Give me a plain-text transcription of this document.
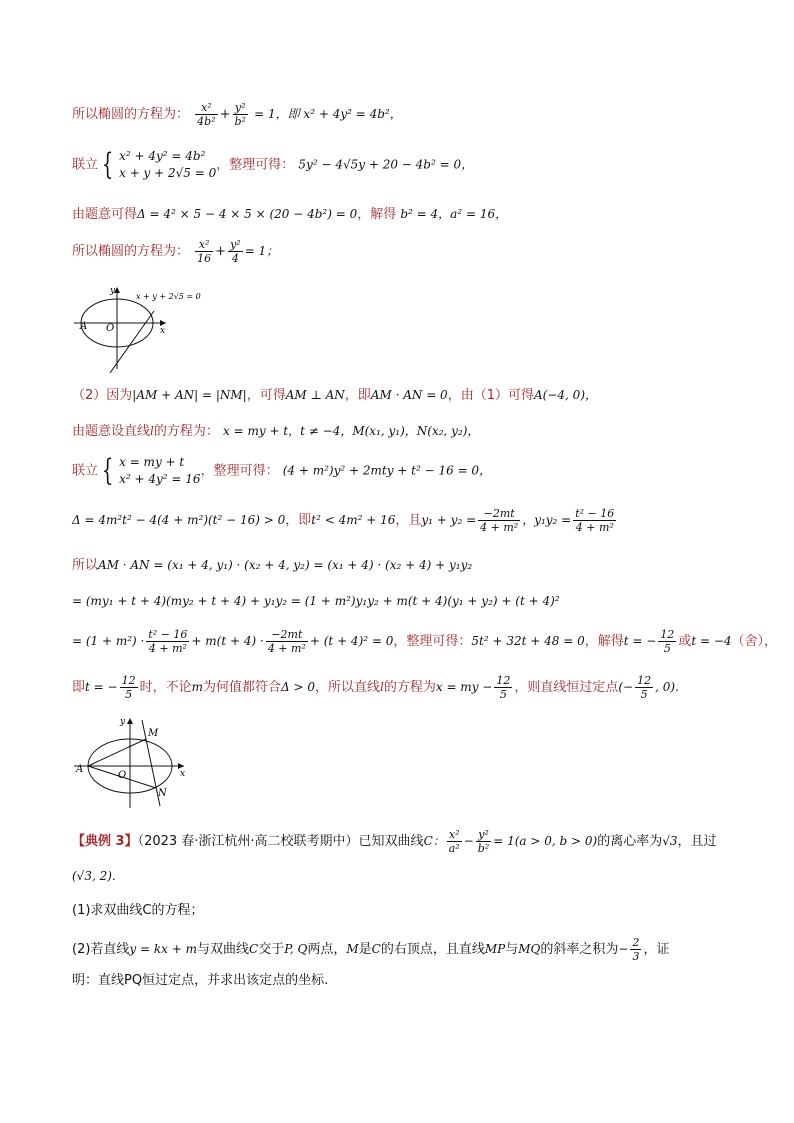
所以椭圆的方程为： $\frac{\text{x²}}{\text{4b²}} + \frac{\text{y²}}{\text{b²}} = 1$，即 x² + 4y² = 4b²，
联立 { x² + 4y² = 4b²
x + y + 2√5 = 0
，整理可得： 5y² − 4√5y + 20 − 4b² = 0，
由题意可得Δ = 4² × 5 − 4 × 5 × (20 − 4b²) = 0，解得 b² = 4，a² = 16，
所以椭圆的方程为： $\frac{\text{x²}}{16} + \frac{\text{y²}}{4} = 1$；
A O
y
x
x + y + 2√5 = 0
（2）因为|AM + AN| = |NM|，可得AM ⊥ AN，即AM · AN = 0，由（1）可得A(−4, 0)，
由题意设直线l的方程为： x = my + t，t ≠ −4，M(x₁, y₁)，N(x₂, y₂)，
联立 { x = my + t
x² + 4y² = 16
，整理可得： (4 + m²)y² + 2mty + t² − 16 = 0，
Δ = 4m²t² − 4(4 + m²)(t² − 16) > 0，即t² < 4m² + 16，且$y_1 + y_2 = \frac{-2mt}{\text{4 + m²}}$ ，$y_1y_2 = \frac{\text{t² − 16}}{\text{4 + m²}}$
所以AM · AN = (x₁ + 4, y₁) · (x₂ + 4, y₂) = (x₁ + 4) · (x₂ + 4) + y₁y₂
= (my₁ + t + 4)(my₂ + t + 4) + y₁y₂ = (1 + m²)y₁y₂ + m(t + 4)(y₁ + y₂) + (t + 4)²
= $(1 + m^2) \cdot \frac{\text{t² − 16}}{\text{4 + m²}} + m(t + 4) \cdot \frac{-2mt}{\text{4 + m²}} + (t + 4)^2 = 0$，整理可得：5t² + 32t + 48 = 0，解得t = − $\frac{12}{5}$ 或t = −4（舍），
即t = − $\frac{12}{5}$ 时，不论m为何值都符合Δ > 0，所以直线l的方程为x = my − $\frac{12}{5}$ ，则直线恒过定点(− $\frac{12}{5}$ , 0).
A
O
y
x
M
N
【典例 3】（2023 春·浙江杭州·高二校联考期中）已知双曲线C： $\frac{\text{x²}}{\text{a²}} - \frac{\text{y²}}{\text{b²}} = 1(a > 0$, b > 0)的离心率为√3，且过
(√3, 2).
(1)求双曲线C的方程；
(2)若直线y = kx + m与双曲线C交于P, Q两点，M是C的右顶点，且直线MP与MQ的斜率之积为− $\frac{2}{3}$ ，证
明：直线PQ恒过定点，并求出该定点的坐标.
